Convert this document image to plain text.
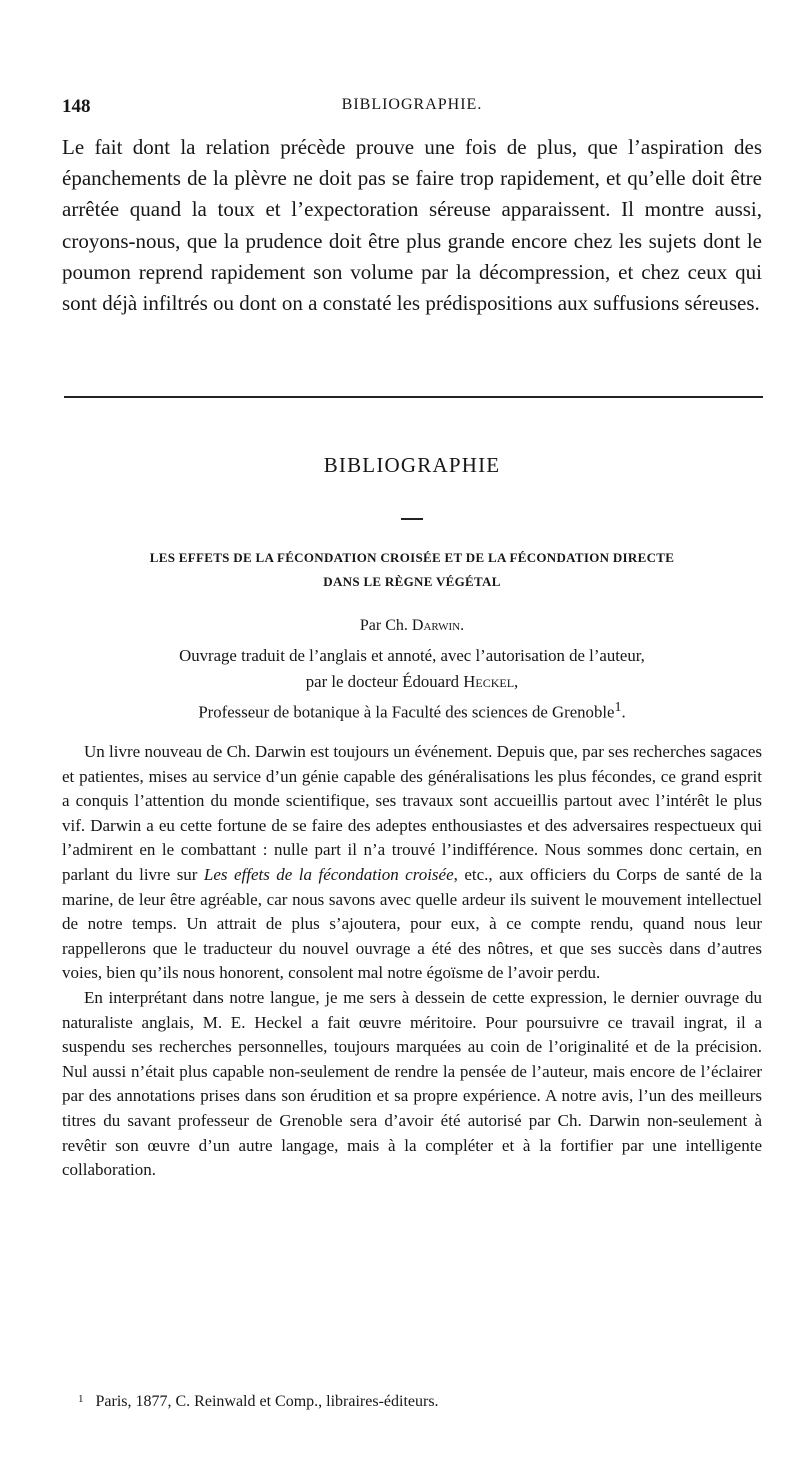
148	BIBLIOGRAPHIE.

Le fait dont la relation précède prouve une fois de plus, que l’aspiration des épanchements de la plèvre ne doit pas se faire trop rapidement, et qu’elle doit être arrêtée quand la toux et l’expectoration séreuse apparaissent. Il montre aussi, croyons-nous, que la prudence doit être plus grande encore chez les sujets dont le poumon reprend rapidement son volume par la décompression, et chez ceux qui sont déjà infiltrés ou dont on a constaté les prédispositions aux suffusions séreuses.

BIBLIOGRAPHIE
LES EFFETS DE LA FÉCONDATION CROISÉE ET DE LA FÉCONDATION DIRECTE
DANS LE RÈGNE VÉGÉTAL
Par Ch. Darwin.
Ouvrage traduit de l’anglais et annoté, avec l’autorisation de l’auteur,
par le docteur Édouard Heckel,
Professeur de botanique à la Faculté des sciences de Grenoble$^1$.

Un livre nouveau de Ch. Darwin est toujours un événement. Depuis que, par ses recherches sagaces et patientes, mises au service d’un génie capable des généralisations les plus fécondes, ce grand esprit a conquis l’attention du monde scientifique, ses travaux sont accueillis partout avec l’intérêt le plus vif. Darwin a eu cette fortune de se faire des adeptes enthousiastes et des adversaires respectueux qui l’admirent en le combattant : nulle part il n’a trouvé l’indifférence. Nous sommes donc certain, en parlant du livre sur Les effets de la fécondation croisée, etc., aux officiers du Corps de santé de la marine, de leur être agréable, car nous savons avec quelle ardeur ils suivent le mouvement intellectuel de notre temps. Un attrait de plus s’ajoutera, pour eux, à ce compte rendu, quand nous leur rappellerons que le traducteur du nouvel ouvrage a été des nôtres, et que ses succès dans d’autres voies, bien qu’ils nous honorent, consolent mal notre égoïsme de l’avoir perdu.

En interprétant dans notre langue, je me sers à dessein de cette expression, le dernier ouvrage du naturaliste anglais, M. E. Heckel a fait œuvre méritoire. Pour poursuivre ce travail ingrat, il a suspendu ses recherches personnelles, toujours marquées au coin de l’originalité et de la précision. Nul aussi n’était plus capable non-seulement de rendre la pensée de l’auteur, mais encore de l’éclairer par des annotations prises dans son érudition et sa propre expérience. A notre avis, l’un des meilleurs titres du savant professeur de Grenoble sera d’avoir été autorisé par Ch. Darwin non-seulement à revêtir son œuvre d’un autre langage, mais à la compléter et à la fortifier par une intelligente collaboration.

$^1$ Paris, 1877, C. Reinwald et Comp., libraires-éditeurs.
